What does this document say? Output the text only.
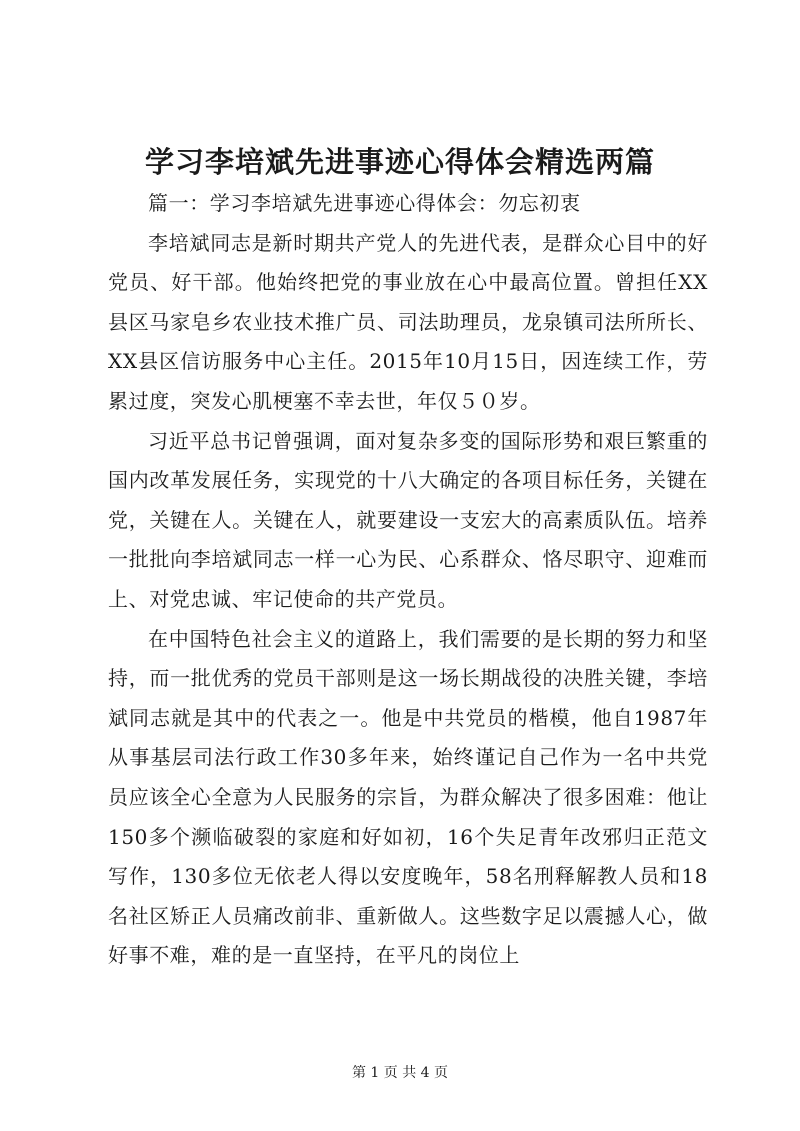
学习李培斌先进事迹心得体会精选两篇

篇一：学习李培斌先进事迹心得体会：勿忘初衷

李培斌同志是新时期共产党人的先进代表，是群众心目中的好党员、好干部。他始终把党的事业放在心中最高位置。曾担任XX县区马家皂乡农业技术推广员、司法助理员，龙泉镇司法所所长、XX县区信访服务中心主任。2015年10月15日，因连续工作，劳累过度，突发心肌梗塞不幸去世，年仅５０岁。

习近平总书记曾强调，面对复杂多变的国际形势和艰巨繁重的国内改革发展任务，实现党的十八大确定的各项目标任务，关键在党，关键在人。关键在人，就要建设一支宏大的高素质队伍。培养一批批向李培斌同志一样一心为民、心系群众、恪尽职守、迎难而上、对党忠诚、牢记使命的共产党员。

在中国特色社会主义的道路上，我们需要的是长期的努力和坚持，而一批优秀的党员干部则是这一场长期战役的决胜关键，李培斌同志就是其中的代表之一。他是中共党员的楷模，他自1987年从事基层司法行政工作30多年来，始终谨记自己作为一名中共党员应该全心全意为人民服务的宗旨，为群众解决了很多困难：他让150多个濒临破裂的家庭和好如初，16个失足青年改邪归正范文写作，130多位无依老人得以安度晚年，58名刑释解教人员和18名社区矫正人员痛改前非、重新做人。这些数字足以震撼人心，做好事不难，难的是一直坚持，在平凡的岗位上

第 1 页 共 4 页
